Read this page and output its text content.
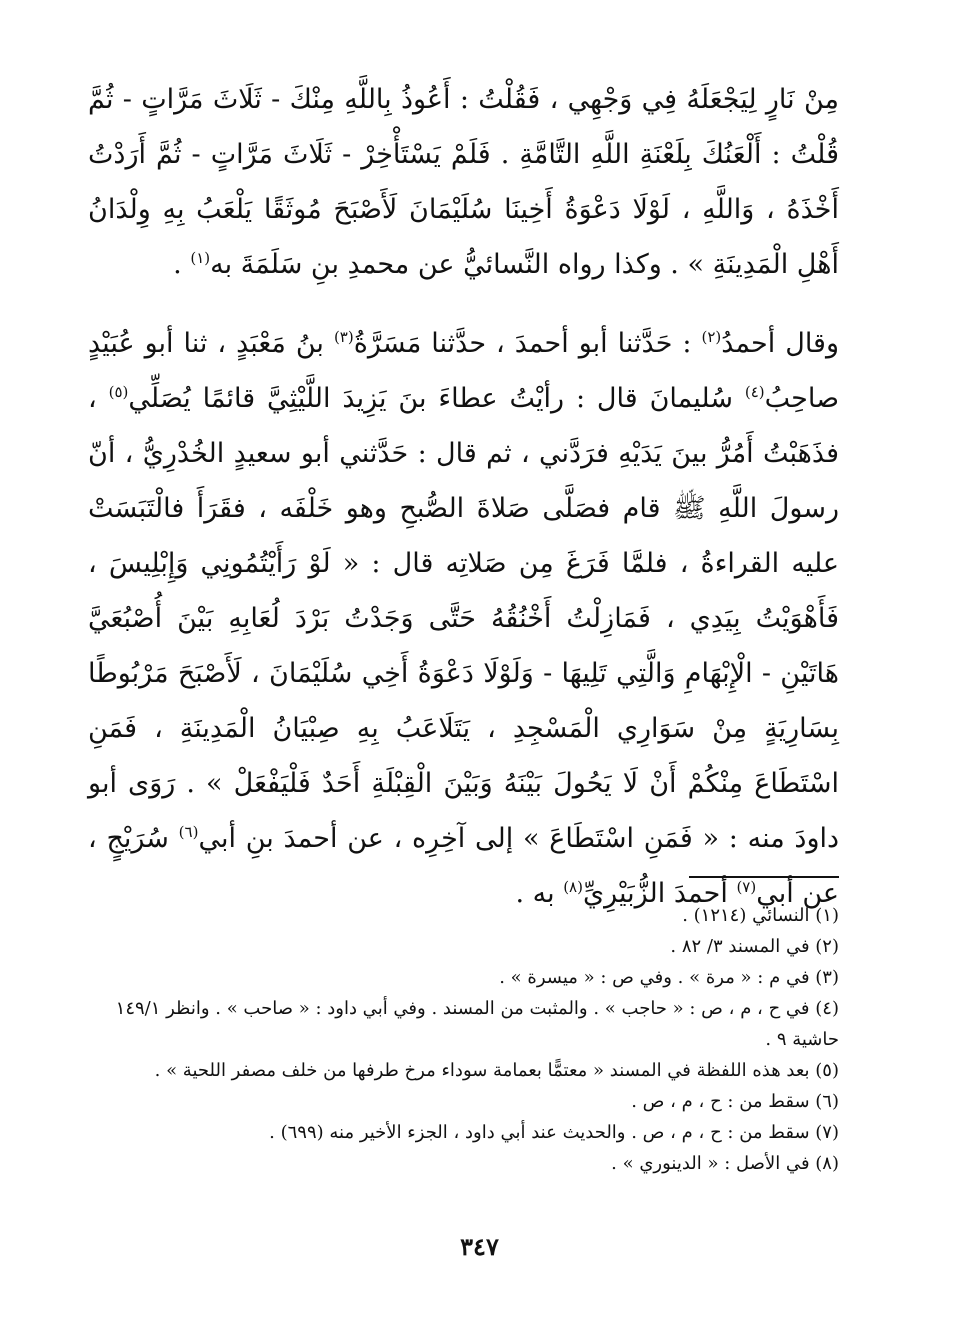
مِنْ نَارٍ لِيَجْعَلَهُ فِي وَجْهِي ، فَقُلْتُ : أَعُوذُ بِاللَّهِ مِنْكَ - ثَلَاثَ مَرَّاتٍ - ثُمَّ قُلْتُ : أَلْعَنُكَ بِلَعْنَةِ اللَّهِ التَّامَّةِ . فَلَمْ يَسْتَأْخِرْ - ثَلَاثَ مَرَّاتٍ - ثُمَّ أَرَدْتُ أَخْذَهُ ، وَاللَّهِ ، لَوْلَا دَعْوَةُ أَخِينَا سُلَيْمَانَ لَأَصْبَحَ مُوثَقًا يَلْعَبُ بِهِ وِلْدَانُ أَهْلِ الْمَدِينَةِ » . وكذا رواه النَّسائيُّ عن محمدِ بنِ سَلَمَةَ به$^{(١)}$ .

وقال أحمدُ$^{(٢)}$ : حَدَّثنا أبو أحمدَ ، حدَّثنا مَسَرَّةُ$^{(٣)}$ بنُ مَعْبَدٍ ، ثنا أبو عُبَيْدٍ صاحِبُ$^{(٤)}$ سُليمانَ قال : رأيْتُ عطاءَ بنَ يَزِيدَ اللَّيْثِيَّ قائمًا يُصَلِّي$^{(٥)}$ ، فذَهَبْتُ أَمُرُّ بينَ يَدَيْهِ فرَدَّني ، ثم قال : حَدَّثني أبو سعيدٍ الخُدْرِيُّ ، أنّ رسولَ اللَّهِ ﷺ قام فصَلَّى صَلاةَ الصُّبحِ وهو خَلْفَه ، فقَرَأَ فالْتَبَسَتْ عليه القراءةُ ، فلمَّا فَرَغَ مِن صَلاتِه قال : « لَوْ رَأَيْتُمُونِي وَإِبْلِيسَ ، فَأَهْوَيْتُ بِيَدِي ، فَمَازِلْتُ أَخْنُقُهُ حَتَّى وَجَدْتُ بَرْدَ لُعَابِهِ بَيْنَ أُصْبُعَيَّ هَاتَيْنِ - الْإِبْهَامِ وَالَّتِي تَلِيهَا - وَلَوْلَا دَعْوَةُ أَخِي سُلَيْمَانَ ، لَأَصْبَحَ مَرْبُوطًا بِسَارِيَةٍ مِنْ سَوَارِي الْمَسْجِدِ ، يَتَلَاعَبُ بِهِ صِبْيَانُ الْمَدِينَةِ ، فَمَنِ اسْتَطَاعَ مِنْكُمْ أَنْ لَا يَحُولَ بَيْنَهُ وَبَيْنَ الْقِبْلَةِ أَحَدٌ فَلْيَفْعَلْ » . رَوَى أبو داودَ منه : « فَمَنِ اسْتَطَاعَ » إلى آخِرِه ، عن أحمدَ بنِ أبي$^{(٦)}$ سُرَيْجٍ ، عن أبي$^{(٧)}$ أحمدَ الزُّبَيْرِيِّ$^{(٨)}$ به .

(١) النسائي (١٢١٤) .

(٢) في المسند ٣/ ٨٢ .

(٣) في م : « مرة » . وفي ص : « ميسرة » .

(٤) في ح ، م ، ص : « حاجب » . والمثبت من المسند . وفي أبي داود : « صاحب » . وانظر ١٤٩/١ حاشية ٩ .

(٥) بعد هذه اللفظة في المسند « معتمًّا بعمامة سوداء مرخ طرفها من خلف مصفر اللحية » .

(٦) سقط من : ح ، م ، ص .

(٧) سقط من : ح ، م ، ص . والحديث عند أبي داود ، الجزء الأخير منه (٦٩٩) .

(٨) في الأصل : « الدينوري » .

٣٤٧
